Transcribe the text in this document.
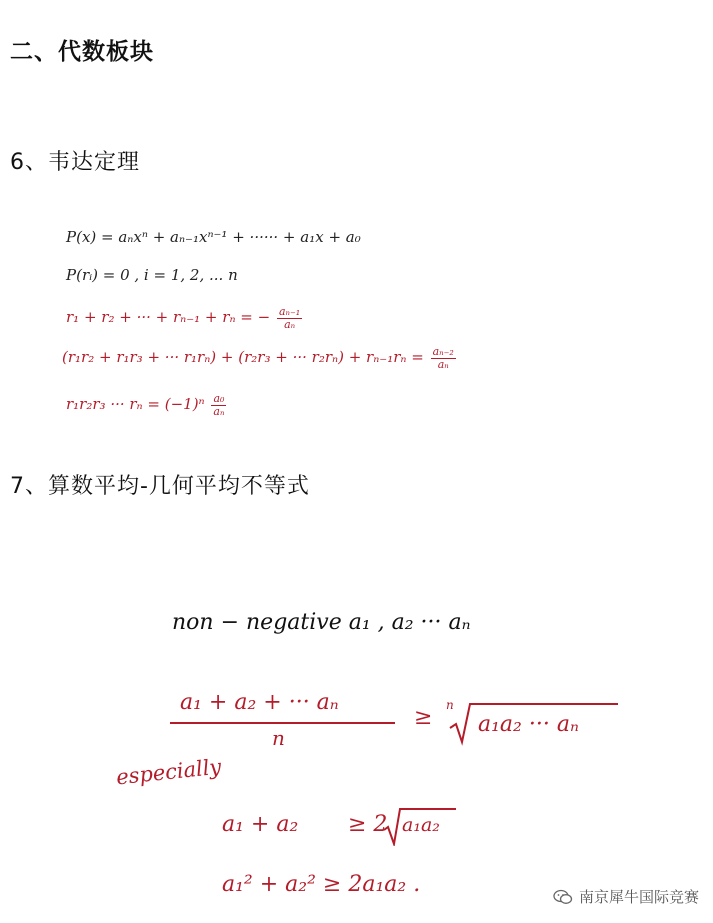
二、代数板块
6、韦达定理
P(x) = aₙxⁿ + aₙ₋₁xⁿ⁻¹ + ······ + a₁x + a₀
P(rᵢ) = 0 , i = 1, 2, ... n
r₁ + r₂ + ··· + rₙ₋₁ + rₙ = − $\frac{\text{aₙ₋₁}}{\text{aₙ}}$
(r₁r₂ + r₁r₃ + ··· r₁rₙ) + (r₂r₃ + ··· $r_2r_n) + r_{n-1}r_n = \frac{\text{aₙ₋₂}}{\text{aₙ}}$
r₁r₂r₃ ··· $r_n = (-1)^n \frac{\text{a₀}}{\text{aₙ}}$
7、算数平均-几何平均不等式
non − negative a₁ , a₂ ··· aₙ
a₁ + a₂ + ··· aₙ
n
≥ n
a₁a₂ ··· aₙ
especially
a₁ + a₂ ≥ 2 a₁a₂
a₁² + a₂² ≥ 2a₁a₂ .	南京犀牛国际竞赛
